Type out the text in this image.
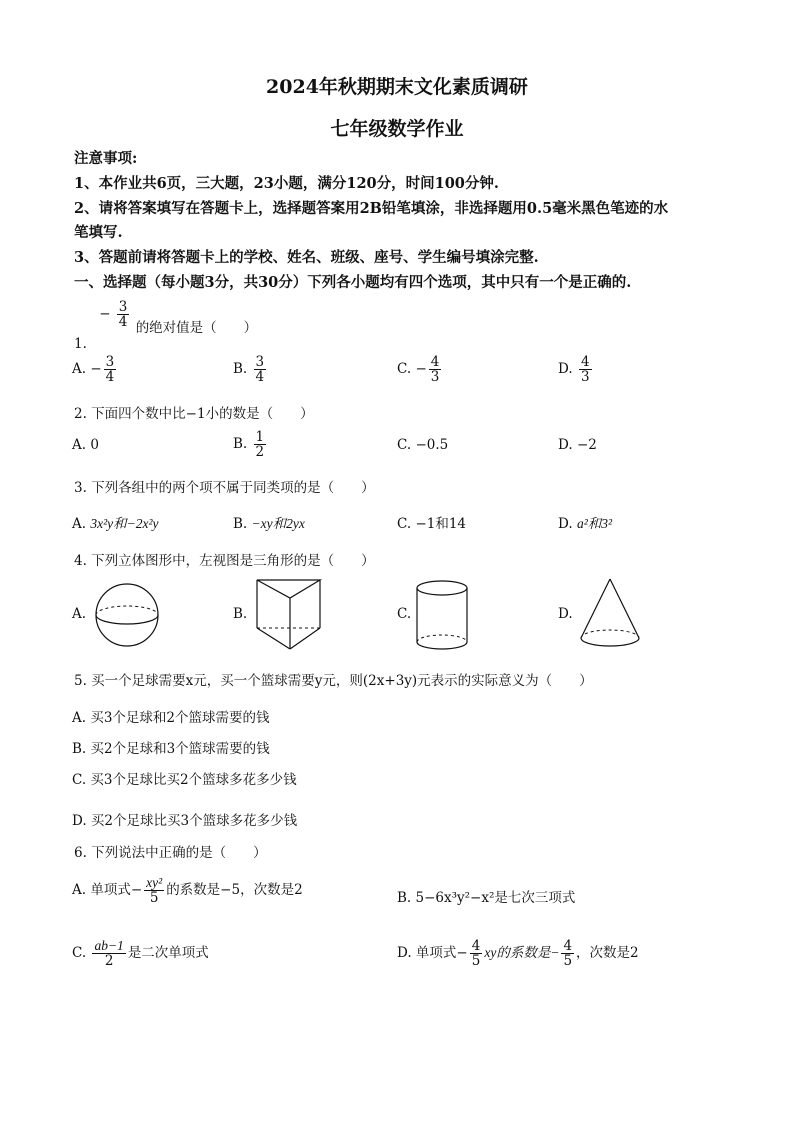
2024年秋期期末文化素质调研
七年级数学作业
注意事项:
1、本作业共6页，三大题，23小题，满分120分，时间100分钟.
2、请将答案填写在答题卡上，选择题答案用2B铅笔填涂，非选择题用0.5毫米黑色笔迹的水
笔填写.
3、答题前请将答题卡上的学校、姓名、班级、座号、学生编号填涂完整.
一、选择题（每小题3分，共30分）下列各小题均有四个选项，其中只有一个是正确的.
1. − $\frac{3}{4}$ 的绝对值是（　　）
A. − $\frac{3}{4}$	B. $\frac{3}{4}$	C. − $\frac{4}{3}$	D. $\frac{4}{3}$
2. 下面四个数中比−1小的数是（　　）
A. 0	B. $\frac{1}{2}$	C. −0.5	D. −2
3. 下列各组中的两个项不属于同类项的是（　　）
A. 3x²y和−2x²y	B. −xy和2yx	C. −1和14	D. a²和3²
4. 下列立体图形中，左视图是三角形的是（　　）
A.	B.	C.	D.
5. 买一个足球需要x元，买一个篮球需要y元，则(2x+3y)元表示的实际意义为（　　）
A. 买3个足球和2个篮球需要的钱
B. 买2个足球和3个篮球需要的钱
C. 买3个足球比买2个篮球多花多少钱
D. 买2个足球比买3个篮球多花多少钱
6. 下列说法中正确的是（　　）
A. 单项式− $\frac{\text{xy²}}{5}$ 的系数是−5，次数是2	B. 5−6x³y²−x²是七次三项式
C. $\frac{ab-1}{2}$ 是二次单项式	D. 单项式− $\frac{4}{5}$ xy的系数是− $\frac{4}{5}$ ，次数是2
